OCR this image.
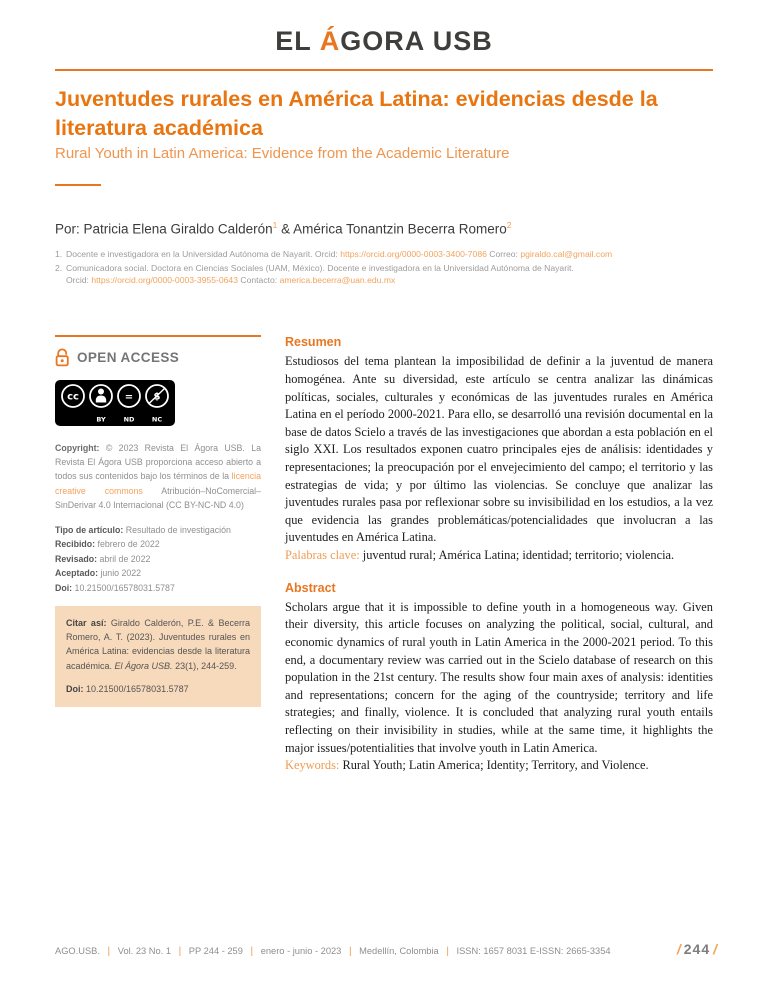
EL ÁGORA USB
Juventudes rurales en América Latina: evidencias desde la literatura académica
Rural Youth in Latin America: Evidence from the Academic Literature

Por: Patricia Elena Giraldo Calderón$^1$ & América Tonantzin Becerra Romero$^2$

1. Docente e investigadora en la Universidad Autónoma de Nayarit. Orcid: https://orcid.org/0000-0003-3400-7086 Correo: pgiraldo.cal@gmail.com
2. Comunicadora social. Doctora en Ciencias Sociales (UAM, México). Docente e investigadora en la Universidad Autónoma de Nayarit.
Orcid: https://orcid.org/0000-0003-3955-0643 Contacto: america.becerra@uan.edu.mx
OPEN ACCESS
cc	= $
BY	ND	NC

Copyright: © 2023 Revista El Ágora USB. La Revista El Ágora USB proporciona acceso abierto a todos sus contenidos bajo los términos de la licencia creative commons Atribución–NoComercial–SinDerivar 4.0 Internacional (CC BY-NC-ND 4.0)

Tipo de artículo: Resultado de investigación
Recibido: febrero de 2022
Revisado: abril de 2022
Aceptado: junio 2022
Doi: 10.21500/16578031.5787

Citar así: Giraldo Calderón, P.E. & Becerra Romero, A. T. (2023). Juventudes rurales en América Latina: evidencias desde la literatura académica. El Ágora USB. 23(1), 244-259.

Doi: 10.21500/16578031.5787

Resumen

Estudiosos del tema plantean la imposibilidad de definir a la juventud de manera homogénea. Ante su diversidad, este artículo se centra analizar las dinámicas políticas, sociales, culturales y económicas de las juventudes rurales en América Latina en el período 2000-2021. Para ello, se desarrolló una revisión documental en la base de datos Scielo a través de las investigaciones que abordan a esta población en el siglo XXI. Los resultados exponen cuatro principales ejes de análisis: identidades y representaciones; la preocupación por el envejecimiento del campo; el territorio y las estrategias de vida; y por último las violencias. Se concluye que analizar las juventudes rurales pasa por reflexionar sobre su invisibilidad en los estudios, a la vez que evidencia las grandes problemáticas/potencialidades que involucran a las juventudes en América Latina.

Palabras clave: juventud rural; América Latina; identidad; territorio; violencia.

Abstract

Scholars argue that it is impossible to define youth in a homogeneous way. Given their diversity, this article focuses on analyzing the political, social, cultural, and economic dynamics of rural youth in Latin America in the 2000-2021 period. To this end, a documentary review was carried out in the Scielo database of research on this population in the 21st century. The results show four main axes of analysis: identities and representations; concern for the aging of the countryside; territory and life strategies; and finally, violence. It is concluded that analyzing rural youth entails reflecting on their invisibility in studies, while at the same time, it highlights the major issues/potentialities that involve youth in Latin America.

Keywords: Rural Youth; Latin America; Identity; Territory, and Violence.

AGO.USB. | Vol. 23 No. 1 | PP 244 - 259 | enero - junio - 2023 | Medellín, Colombia | ISSN: 1657 8031 E-ISSN: 2665-3354	/ 244 /
